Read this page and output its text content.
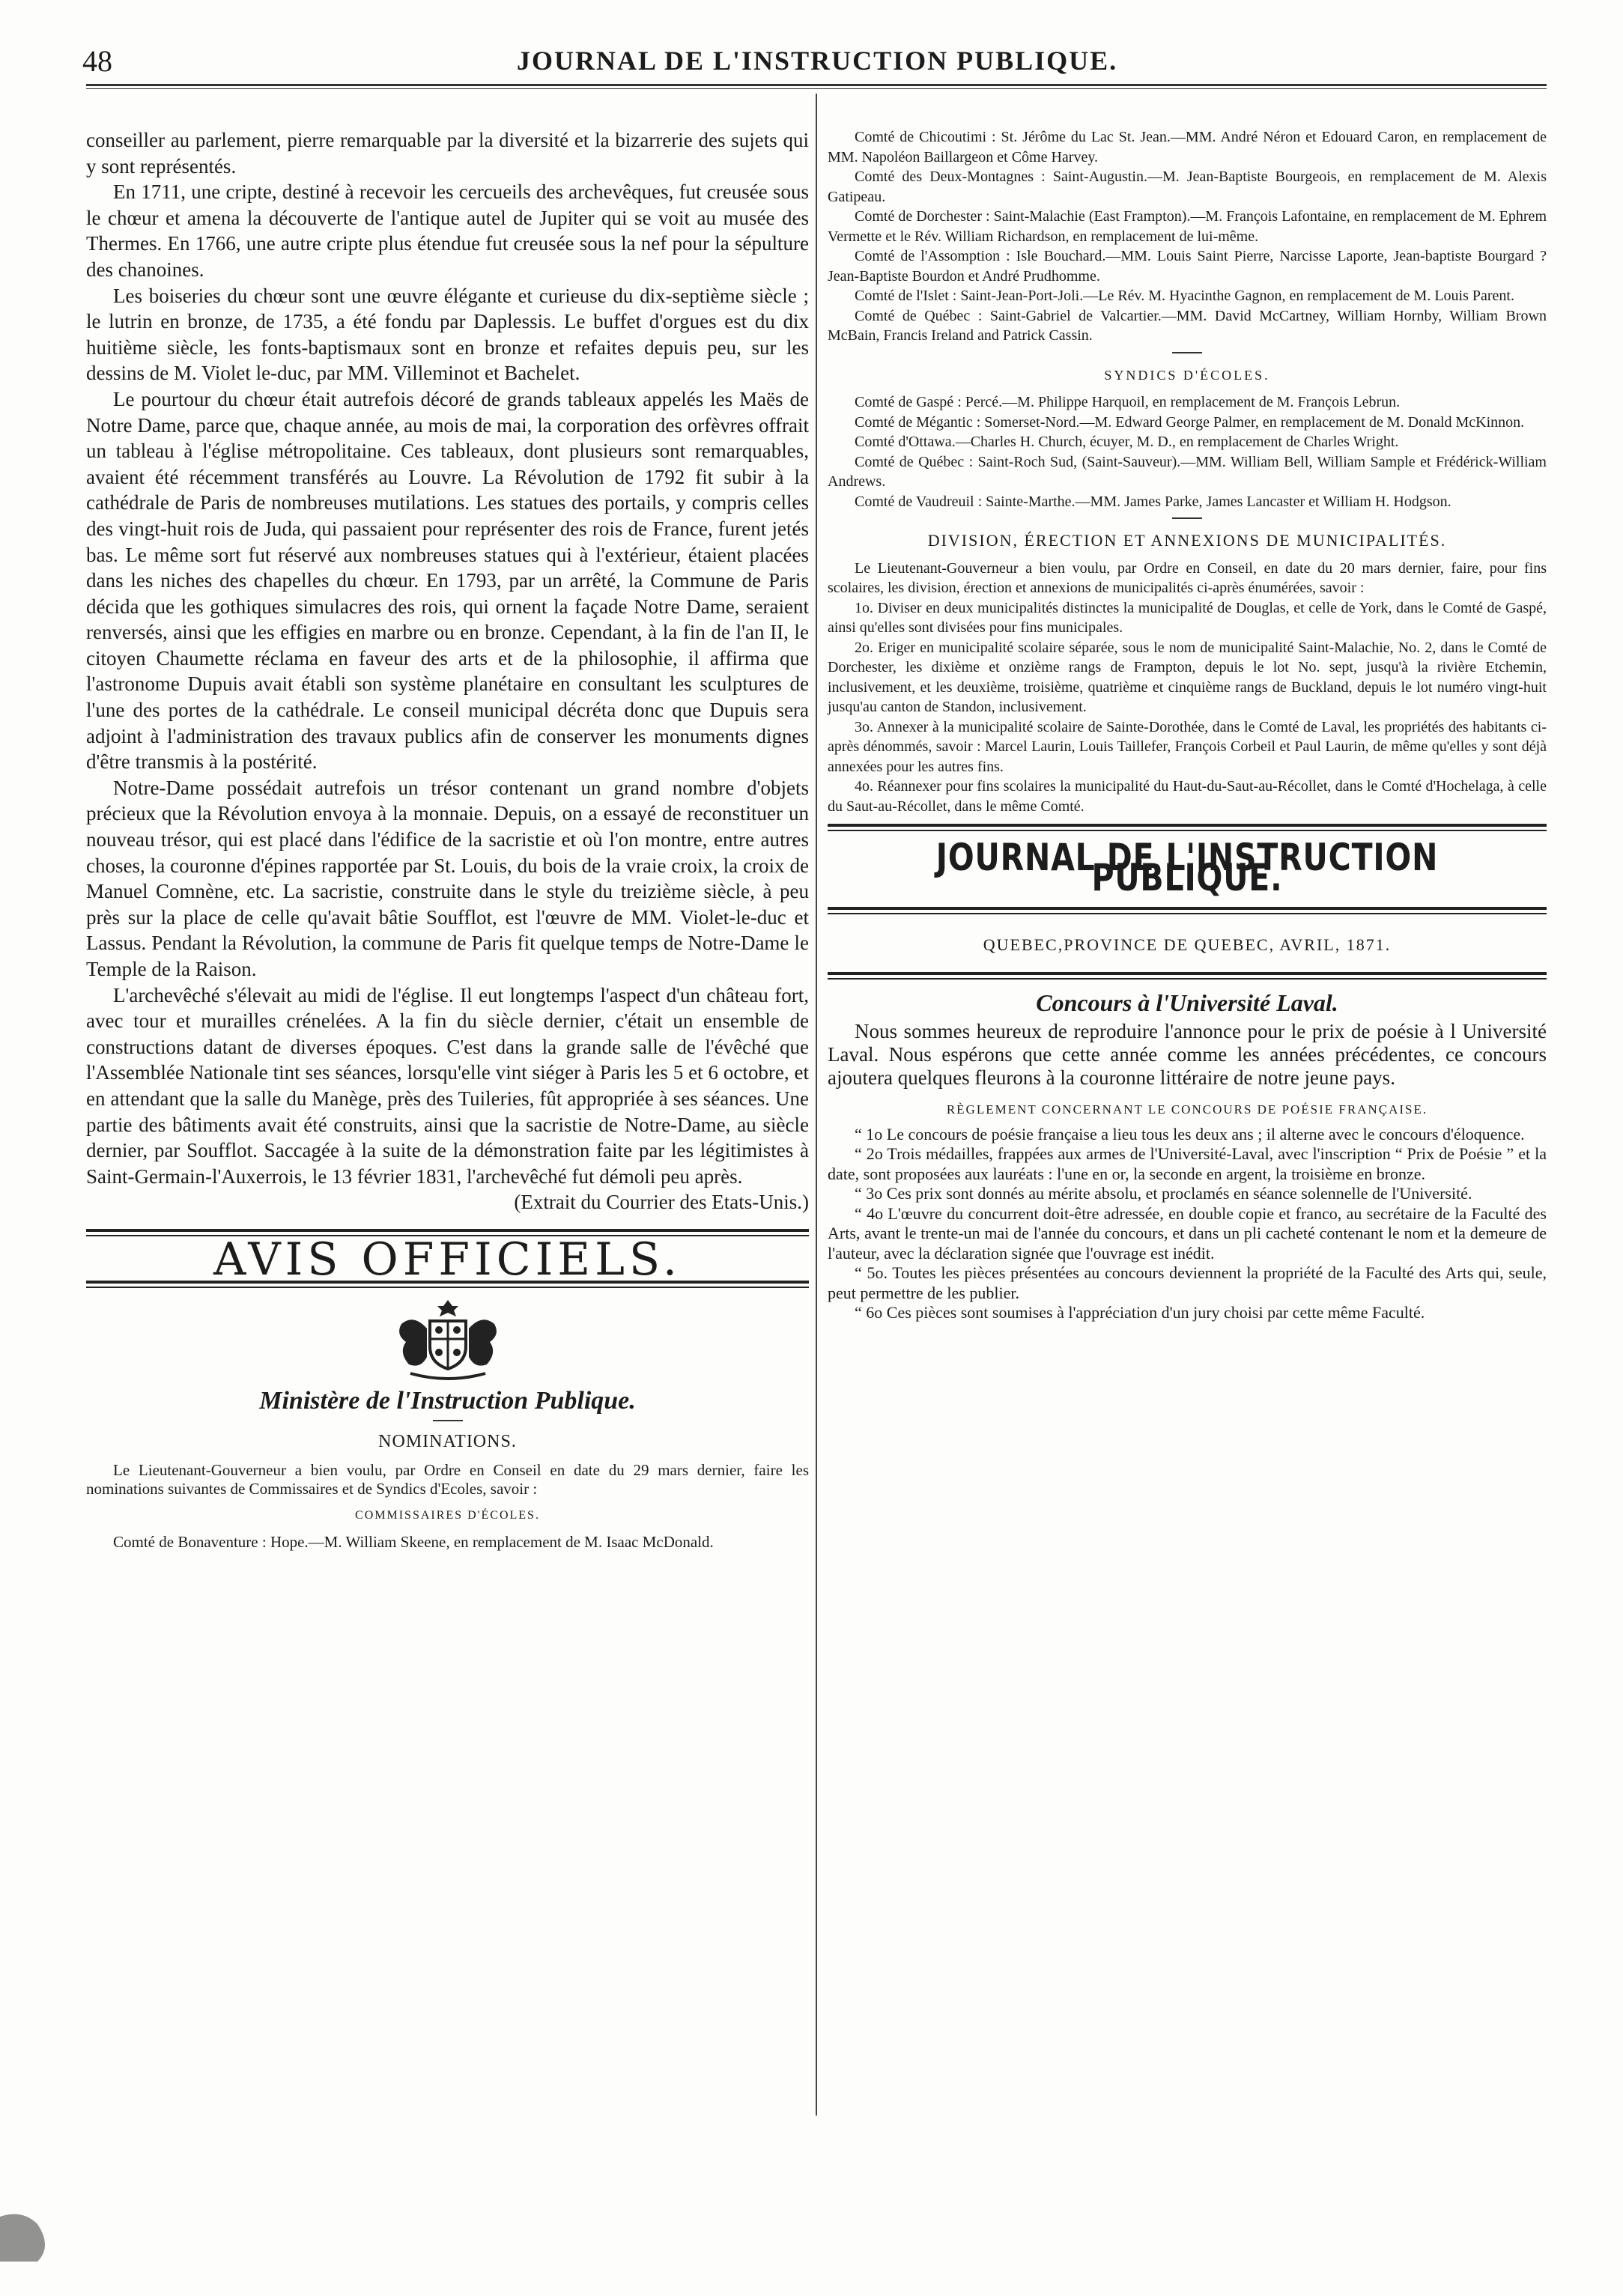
48	JOURNAL DE L'INSTRUCTION PUBLIQUE.

conseiller au parlement, pierre remarquable par la diversité et la bizarrerie des sujets qui y sont représentés.

En 1711, une cripte, destiné à recevoir les cercueils des archevêques, fut creusée sous le chœur et amena la découverte de l'antique autel de Jupiter qui se voit au musée des Thermes. En 1766, une autre cripte plus étendue fut creusée sous la nef pour la sépulture des chanoines.

Les boiseries du chœur sont une œuvre élégante et curieuse du dix-septième siècle ; le lutrin en bronze, de 1735, a été fondu par Daplessis. Le buffet d'orgues est du dix huitième siècle, les fonts-baptismaux sont en bronze et refaites depuis peu, sur les dessins de M. Violet le-duc, par MM. Villeminot et Bachelet.

Le pourtour du chœur était autrefois décoré de grands tableaux appelés les Maës de Notre Dame, parce que, chaque année, au mois de mai, la corporation des orfèvres offrait un tableau à l'église métropolitaine. Ces tableaux, dont plusieurs sont remarquables, avaient été récemment transférés au Louvre. La Révolution de 1792 fit subir à la cathédrale de Paris de nombreuses mutilations. Les statues des portails, y compris celles des vingt-huit rois de Juda, qui passaient pour représenter des rois de France, furent jetés bas. Le même sort fut réservé aux nombreuses statues qui à l'extérieur, étaient placées dans les niches des chapelles du chœur. En 1793, par un arrêté, la Commune de Paris décida que les gothiques simulacres des rois, qui ornent la façade Notre Dame, seraient renversés, ainsi que les effigies en marbre ou en bronze. Cependant, à la fin de l'an II, le citoyen Chaumette réclama en faveur des arts et de la philosophie, il affirma que l'astronome Dupuis avait établi son système planétaire en consultant les sculptures de l'une des portes de la cathédrale. Le conseil municipal décréta donc que Dupuis sera adjoint à l'administration des travaux publics afin de conserver les monuments dignes d'être transmis à la postérité.

Notre-Dame possédait autrefois un trésor contenant un grand nombre d'objets précieux que la Révolution envoya à la monnaie. Depuis, on a essayé de reconstituer un nouveau trésor, qui est placé dans l'édifice de la sacristie et où l'on montre, entre autres choses, la couronne d'épines rapportée par St. Louis, du bois de la vraie croix, la croix de Manuel Comnène, etc. La sacristie, construite dans le style du treizième siècle, à peu près sur la place de celle qu'avait bâtie Soufflot, est l'œuvre de MM. Violet-le-duc et Lassus. Pendant la Révolution, la commune de Paris fit quelque temps de Notre-Dame le Temple de la Raison.

L'archevêché s'élevait au midi de l'église. Il eut longtemps l'aspect d'un château fort, avec tour et murailles crénelées. A la fin du siècle dernier, c'était un ensemble de constructions datant de diverses époques. C'est dans la grande salle de l'évêché que l'Assemblée Nationale tint ses séances, lorsqu'elle vint siéger à Paris les 5 et 6 octobre, et en attendant que la salle du Manège, près des Tuileries, fût appropriée à ses séances. Une partie des bâtiments avait été construits, ainsi que la sacristie de Notre-Dame, au siècle dernier, par Soufflot. Saccagée à la suite de la démonstration faite par les légitimistes à Saint-Germain-l'Auxerrois, le 13 février 1831, l'archevêché fut démoli peu après.

(Extrait du Courrier des Etats-Unis.)

AVIS OFFICIELS.
Ministère de l'Instruction Publique.
NOMINATIONS.

Le Lieutenant-Gouverneur a bien voulu, par Ordre en Conseil en date du 29 mars dernier, faire les nominations suivantes de Commissaires et de Syndics d'Ecoles, savoir :

COMMISSAIRES D'ÉCOLES.

Comté de Bonaventure : Hope.—M. William Skeene, en remplacement de M. Isaac McDonald.

Comté de Chicoutimi : St. Jérôme du Lac St. Jean.—MM. André Néron et Edouard Caron, en remplacement de MM. Napoléon Baillargeon et Côme Harvey.

Comté des Deux-Montagnes : Saint-Augustin.—M. Jean-Baptiste Bourgeois, en remplacement de M. Alexis Gatipeau.

Comté de Dorchester : Saint-Malachie (East Frampton).—M. François Lafontaine, en remplacement de M. Ephrem Vermette et le Rév. William Richardson, en remplacement de lui-même.

Comté de l'Assomption : Isle Bouchard.—MM. Louis Saint Pierre, Narcisse Laporte, Jean-baptiste Bourgard ? Jean-Baptiste Bourdon et André Prudhomme.

Comté de l'Islet : Saint-Jean-Port-Joli.—Le Rév. M. Hyacinthe Gagnon, en remplacement de M. Louis Parent.

Comté de Québec : Saint-Gabriel de Valcartier.—MM. David McCartney, William Hornby, William Brown McBain, Francis Ireland and Patrick Cassin.

SYNDICS D'ÉCOLES.

Comté de Gaspé : Percé.—M. Philippe Harquoil, en remplacement de M. François Lebrun.

Comté de Mégantic : Somerset-Nord.—M. Edward George Palmer, en remplacement de M. Donald McKinnon.

Comté d'Ottawa.—Charles H. Church, écuyer, M. D., en remplacement de Charles Wright.

Comté de Québec : Saint-Roch Sud, (Saint-Sauveur).—MM. William Bell, William Sample et Frédérick-William Andrews.

Comté de Vaudreuil : Sainte-Marthe.—MM. James Parke, James Lancaster et William H. Hodgson.

DIVISION, ÉRECTION ET ANNEXIONS DE MUNICIPALITÉS.

Le Lieutenant-Gouverneur a bien voulu, par Ordre en Conseil, en date du 20 mars dernier, faire, pour fins scolaires, les division, érection et annexions de municipalités ci-après énumérées, savoir :

1o. Diviser en deux municipalités distinctes la municipalité de Douglas, et celle de York, dans le Comté de Gaspé, ainsi qu'elles sont divisées pour fins municipales.

2o. Eriger en municipalité scolaire séparée, sous le nom de municipalité Saint-Malachie, No. 2, dans le Comté de Dorchester, les dixième et onzième rangs de Frampton, depuis le lot No. sept, jusqu'à la rivière Etchemin, inclusivement, et les deuxième, troisième, quatrième et cinquième rangs de Buckland, depuis le lot numéro vingt-huit jusqu'au canton de Standon, inclusivement.

3o. Annexer à la municipalité scolaire de Sainte-Dorothée, dans le Comté de Laval, les propriétés des habitants ci-après dénommés, savoir : Marcel Laurin, Louis Taillefer, François Corbeil et Paul Laurin, de même qu'elles y sont déjà annexées pour les autres fins.

4o. Réannexer pour fins scolaires la municipalité du Haut-du-Saut-au-Récollet, dans le Comté d'Hochelaga, à celle du Saut-au-Récollet, dans le même Comté.

JOURNAL DE L'INSTRUCTION PUBLIQUE.
QUEBEC,PROVINCE DE QUEBEC, AVRIL, 1871.
Concours à l'Université Laval.

Nous sommes heureux de reproduire l'annonce pour le prix de poésie à l Université Laval. Nous espérons que cette année comme les années précédentes, ce concours ajoutera quelques fleurons à la couronne littéraire de notre jeune pays.

RÈGLEMENT CONCERNANT LE CONCOURS DE POÉSIE FRANÇAISE.

“ 1o Le concours de poésie française a lieu tous les deux ans ; il alterne avec le concours d'éloquence.

“ 2o Trois médailles, frappées aux armes de l'Université-Laval, avec l'inscription “ Prix de Poésie ” et la date, sont proposées aux lauréats : l'une en or, la seconde en argent, la troisième en bronze.

“ 3o Ces prix sont donnés au mérite absolu, et proclamés en séance solennelle de l'Université.

“ 4o L'œuvre du concurrent doit-être adressée, en double copie et franco, au secrétaire de la Faculté des Arts, avant le trente-un mai de l'année du concours, et dans un pli cacheté contenant le nom et la demeure de l'auteur, avec la déclaration signée que l'ouvrage est inédit.

“ 5o. Toutes les pièces présentées au concours deviennent la propriété de la Faculté des Arts qui, seule, peut permettre de les publier.

“ 6o Ces pièces sont soumises à l'appréciation d'un jury choisi par cette même Faculté.
